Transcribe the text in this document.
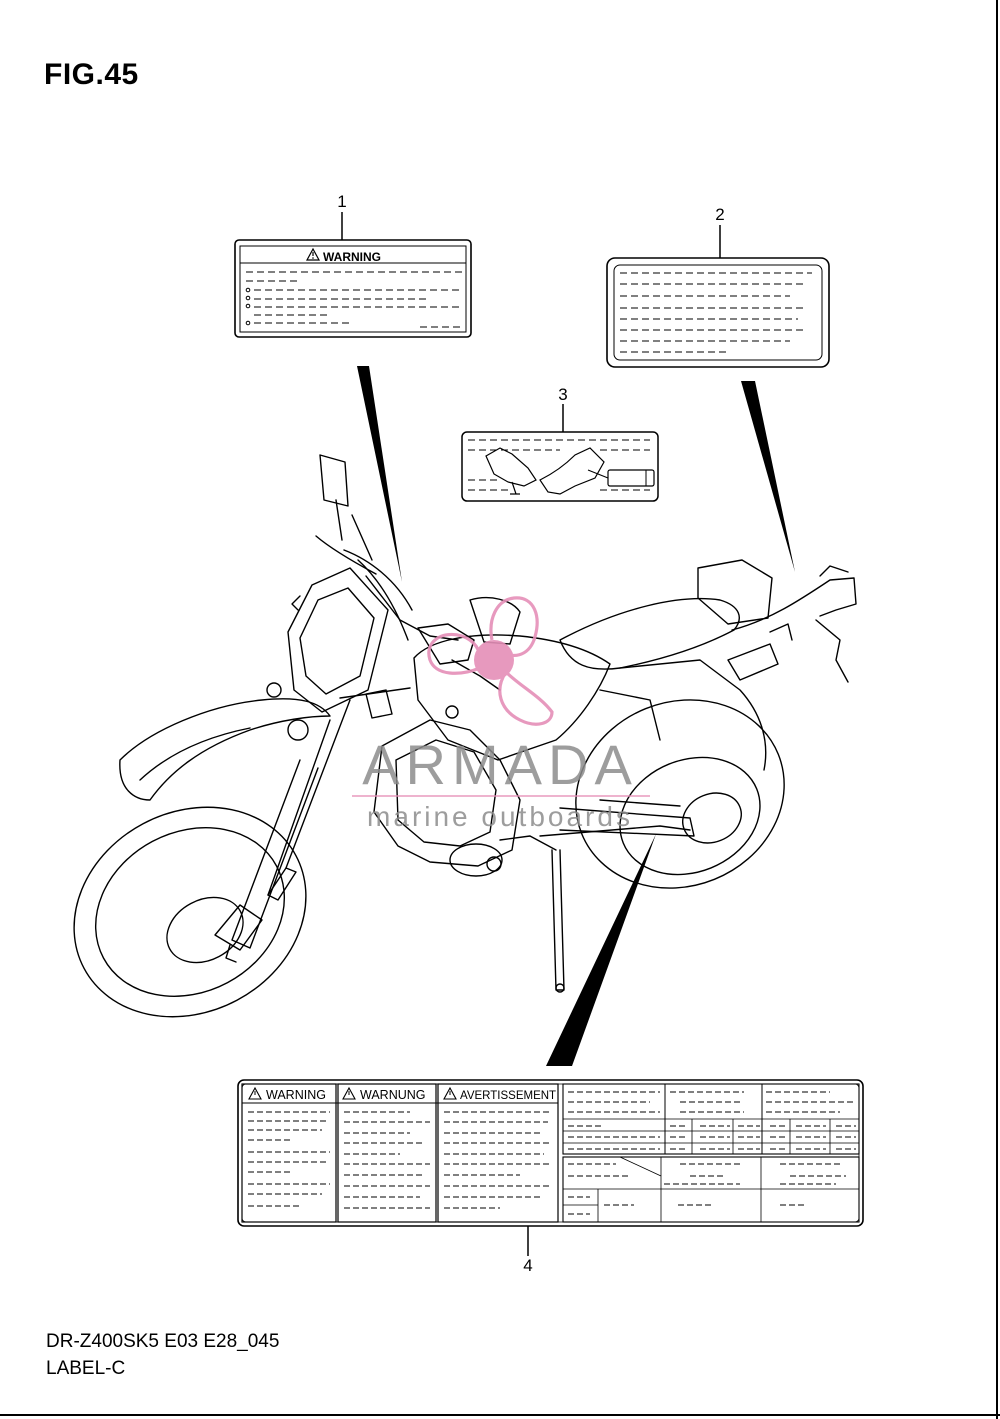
WARNING
WARNING	WARNUNG	AVERTISSEMENT
ARMADA
marine outboards
FIG.45
1
2
3
4
DR-Z400SK5 E03 E28_045
LABEL-C
